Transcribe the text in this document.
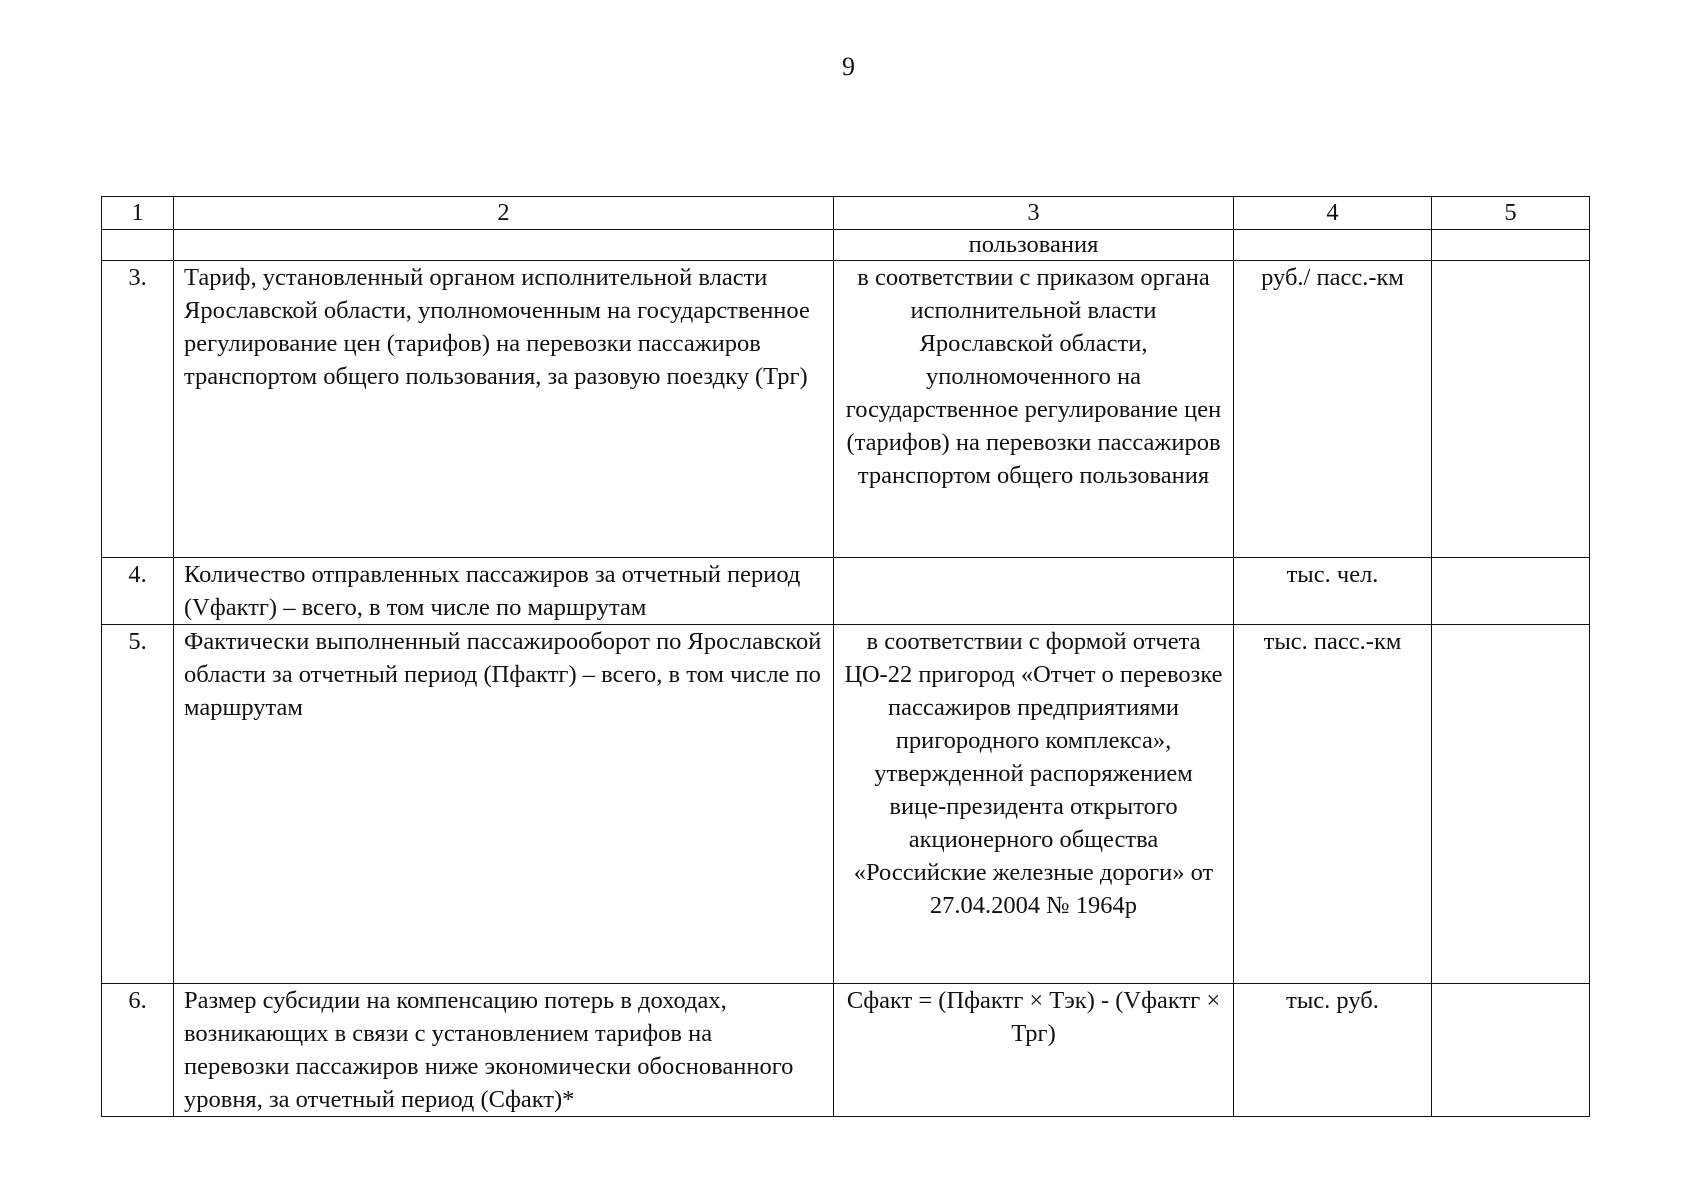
9
1	2	3	4	5
		пользования		
3.	Тариф, установленный органом исполнительной власти Ярославской области, уполномоченным на государственное регулирование цен (тарифов) на перевозки пассажиров транспортом общего пользования, за разовую поездку (Трг)	в соответствии с приказом органа исполнительной власти Ярославской области, уполномоченного на государственное регулирование цен (тарифов) на перевозки пассажиров транспортом общего пользования	руб./ пасс.-км	
4.	Количество отправленных пассажиров за отчетный период (Vфактг) – всего, в том числе по маршрутам		тыс. чел.	
5.	Фактически выполненный пассажирооборот по Ярославской области за отчетный период (Пфактг) – всего, в том числе по маршрутам	в соответствии с формой отчета ЦО-22 пригород «Отчет о перевозке пассажиров предприятиями пригородного комплекса», утвержденной распоряжением вице-президента открытого акционерного общества «Российские железные дороги» от 27.04.2004 № 1964р	тыс. пасс.-км	
6.	Размер субсидии на компенсацию потерь в доходах, возникающих в связи с установлением тарифов на перевозки пассажиров ниже экономически обоснованного уровня, за отчетный период (Сфакт)*	Сфакт = (Пфактг × Тэк) - (Vфактг × Трг)	тыс. руб.	
